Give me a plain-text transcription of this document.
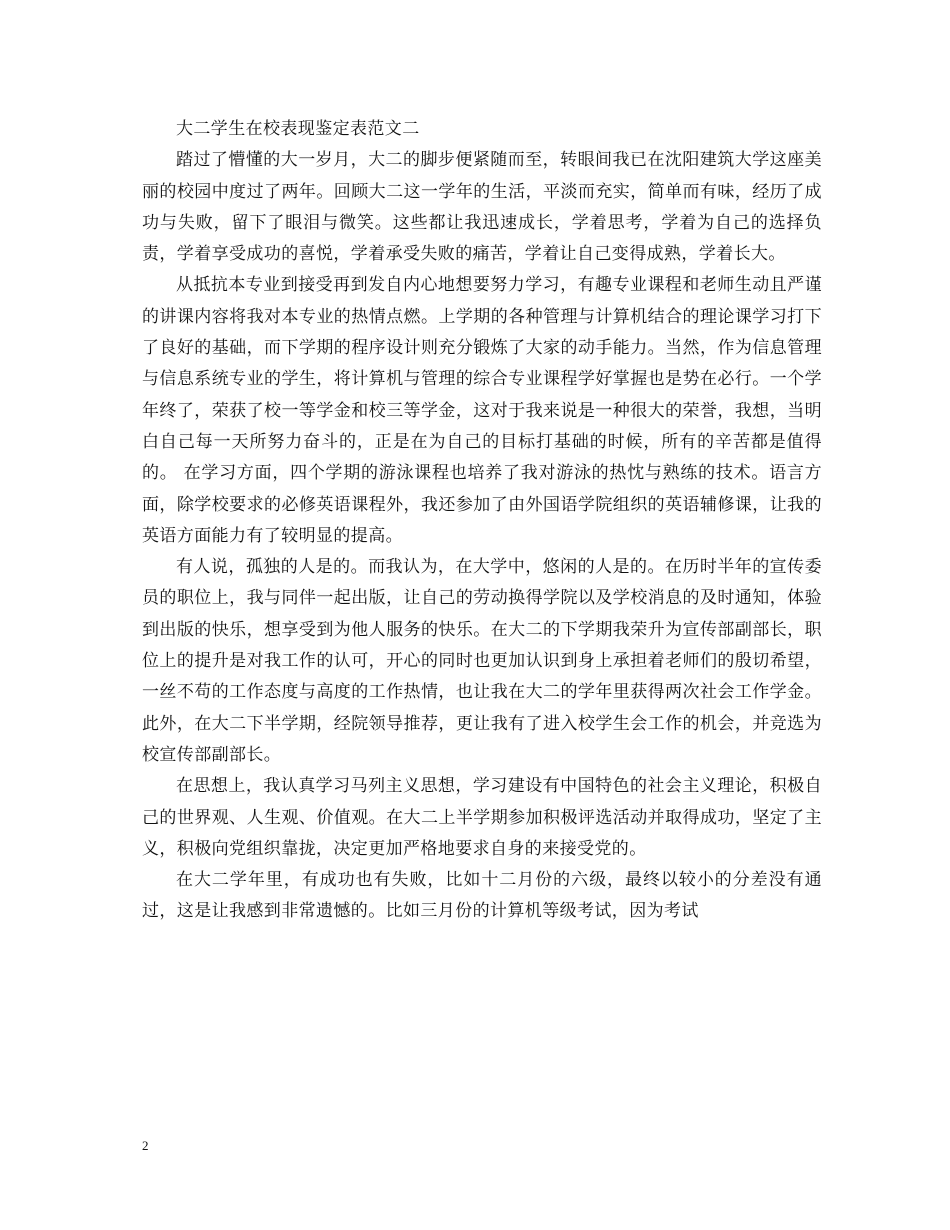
大二学生在校表现鉴定表范文二

踏过了懵懂的大一岁月，大二的脚步便紧随而至，转眼间我已在沈阳建筑大学这座美丽的校园中度过了两年。回顾大二这一学年的生活，平淡而充实，简单而有味，经历了成功与失败，留下了眼泪与微笑。这些都让我迅速成长，学着思考，学着为自己的选择负责，学着享受成功的喜悦，学着承受失败的痛苦，学着让自己变得成熟，学着长大。

从抵抗本专业到接受再到发自内心地想要努力学习，有趣专业课程和老师生动且严谨的讲课内容将我对本专业的热情点燃。上学期的各种管理与计算机结合的理论课学习打下了良好的基础，而下学期的程序设计则充分锻炼了大家的动手能力。当然，作为信息管理与信息系统专业的学生，将计算机与管理的综合专业课程学好掌握也是势在必行。一个学年终了，荣获了校一等学金和校三等学金，这对于我来说是一种很大的荣誉，我想，当明白自己每一天所努力奋斗的，正是在为自己的目标打基础的时候，所有的辛苦都是值得的。 在学习方面，四个学期的游泳课程也培养了我对游泳的热忱与熟练的技术。语言方面，除学校要求的必修英语课程外，我还参加了由外国语学院组织的英语辅修课，让我的英语方面能力有了较明显的提高。

有人说，孤独的人是的。而我认为，在大学中，悠闲的人是的。在历时半年的宣传委员的职位上，我与同伴一起出版，让自己的劳动换得学院以及学校消息的及时通知，体验到出版的快乐，想享受到为他人服务的快乐。在大二的下学期我荣升为宣传部副部长，职位上的提升是对我工作的认可，开心的同时也更加认识到身上承担着老师们的殷切希望，一丝不苟的工作态度与高度的工作热情，也让我在大二的学年里获得两次社会工作学金。此外，在大二下半学期，经院领导推荐，更让我有了进入校学生会工作的机会，并竞选为校宣传部副部长。

在思想上，我认真学习马列主义思想，学习建设有中国特色的社会主义理论，积极自己的世界观、人生观、价值观。在大二上半学期参加积极评选活动并取得成功，坚定了主义，积极向党组织靠拢，决定更加严格地要求自身的来接受党的。

在大二学年里，有成功也有失败，比如十二月份的六级，最终以较小的分差没有通过，这是让我感到非常遗憾的。比如三月份的计算机等级考试，因为考试

2
